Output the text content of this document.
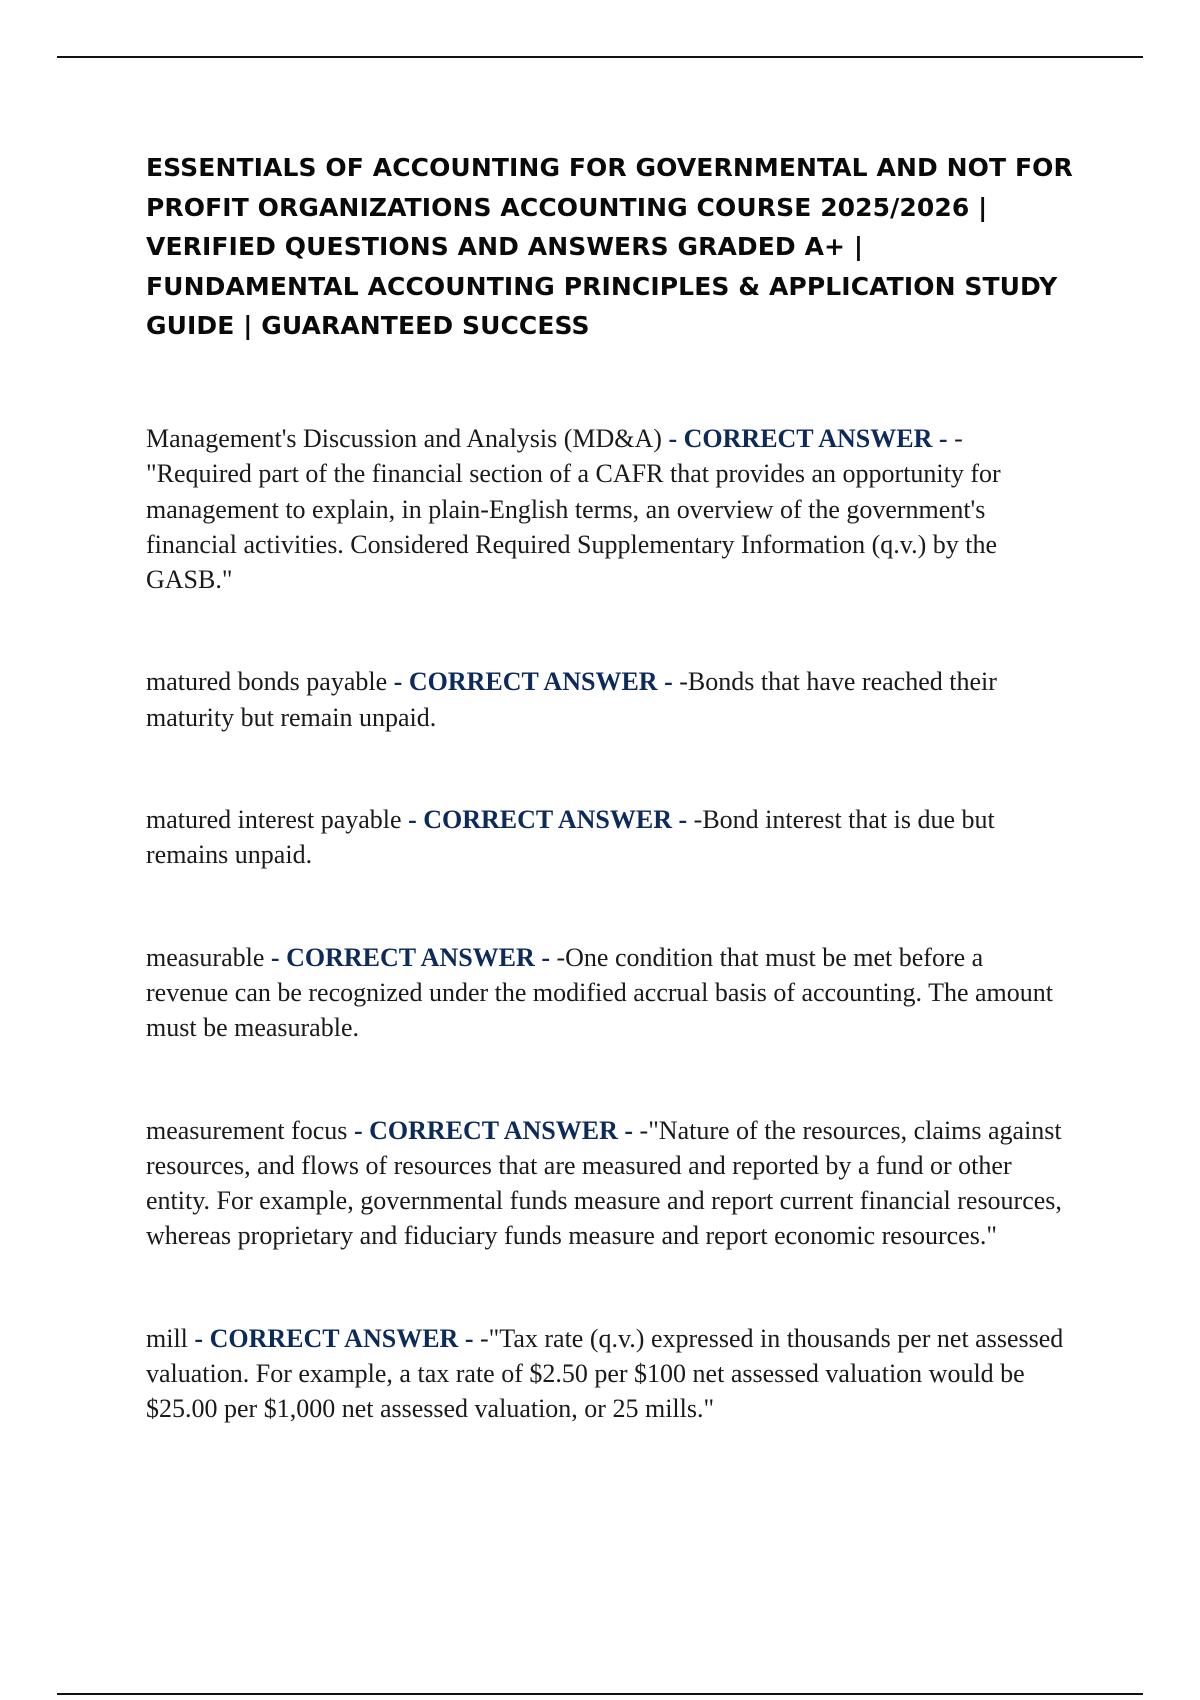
ESSENTIALS OF ACCOUNTING FOR GOVERNMENTAL AND NOT FOR PROFIT ORGANIZATIONS ACCOUNTING COURSE 2025/2026 | VERIFIED QUESTIONS AND ANSWERS GRADED A+ | FUNDAMENTAL ACCOUNTING PRINCIPLES & APPLICATION STUDY GUIDE | GUARANTEED SUCCESS

Management's Discussion and Analysis (MD&A) - CORRECT ANSWER - -"Required part of the financial section of a CAFR that provides an opportunity for management to explain, in plain-English terms, an overview of the government's financial activities. Considered Required Supplementary Information (q.v.) by the GASB."

matured bonds payable - CORRECT ANSWER - -Bonds that have reached their maturity but remain unpaid.

matured interest payable - CORRECT ANSWER - -Bond interest that is due but remains unpaid.

measurable - CORRECT ANSWER - -One condition that must be met before a revenue can be recognized under the modified accrual basis of accounting. The amount must be measurable.

measurement focus - CORRECT ANSWER - -"Nature of the resources, claims against resources, and flows of resources that are measured and reported by a fund or other entity. For example, governmental funds measure and report current financial resources, whereas proprietary and fiduciary funds measure and report economic resources."

mill - CORRECT ANSWER - -"Tax rate (q.v.) expressed in thousands per net assessed valuation. For example, a tax rate of $2.50 per $100 net assessed valuation would be $25.00 per $1,000 net assessed valuation, or 25 mills."
